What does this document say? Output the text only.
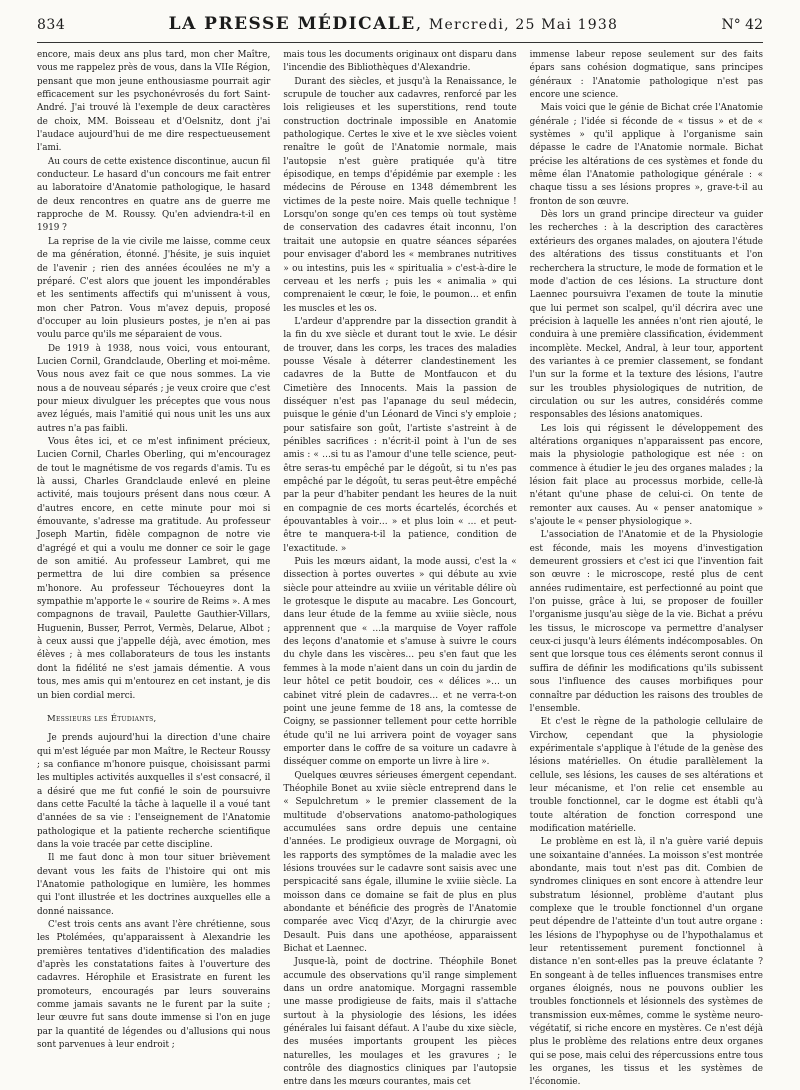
834	LA PRESSE MÉDICALE, Mercredi, 25 Mai 1938	N° 42

encore, mais deux ans plus tard, mon cher Maître, vous me rappelez près de vous, dans la VIIe Région, pensant que mon jeune enthousiasme pourrait agir efficacement sur les psychonévrosés du fort Saint-André. J'ai trouvé là l'exemple de deux caractères de choix, MM. Boisseau et d'Oelsnitz, dont j'ai l'audace aujourd'hui de me dire respectueusement l'ami.

Au cours de cette existence discontinue, aucun fil conducteur. Le hasard d'un concours me fait entrer au laboratoire d'Anatomie pathologique, le hasard de deux rencontres en quatre ans de guerre me rapproche de M. Roussy. Qu'en adviendra-t-il en 1919 ?

La reprise de la vie civile me laisse, comme ceux de ma génération, étonné. J'hésite, je suis inquiet de l'avenir ; rien des années écoulées ne m'y a préparé. C'est alors que jouent les impondérables et les sentiments affectifs qui m'unissent à vous, mon cher Patron. Vous m'avez depuis, proposé d'occuper au loin plusieurs postes, je n'en ai pas voulu parce qu'ils me séparaient de vous.

De 1919 à 1938, nous voici, vous entourant, Lucien Cornil, Grandclaude, Oberling et moi-même. Vous nous avez fait ce que nous sommes. La vie nous a de nouveau séparés ; je veux croire que c'est pour mieux divulguer les préceptes que vous nous avez légués, mais l'amitié qui nous unit les uns aux autres n'a pas faibli.

Vous êtes ici, et ce m'est infiniment précieux, Lucien Cornil, Charles Oberling, qui m'encouragez de tout le magnétisme de vos regards d'amis. Tu es là aussi, Charles Grandclaude enlevé en pleine activité, mais toujours présent dans nous cœur. A d'autres encore, en cette minute pour moi si émouvante, s'adresse ma gratitude. Au professeur Joseph Martin, fidèle compagnon de notre vie d'agrégé et qui a voulu me donner ce soir le gage de son amitié. Au professeur Lambret, qui me permettra de lui dire combien sa présence m'honore. Au professeur Téchoueyres dont la sympathie m'apporte le « sourire de Reims ». A mes compagnons de travail, Paulette Gauthier-Villars, Huguenin, Busser, Perrot, Vermès, Delarue, Albot ; à ceux aussi que j'appelle déjà, avec émotion, mes élèves ; à mes collaborateurs de tous les instants dont la fidélité ne s'est jamais démentie. A vous tous, mes amis qui m'entourez en cet instant, je dis un bien cordial merci.

Messieurs les Étudiants,

Je prends aujourd'hui la direction d'une chaire qui m'est léguée par mon Maître, le Recteur Roussy ; sa confiance m'honore puisque, choisissant parmi les multiples activités auxquelles il s'est consacré, il a désiré que me fut confié le soin de poursuivre dans cette Faculté la tâche à laquelle il a voué tant d'années de sa vie : l'enseignement de l'Anatomie pathologique et la patiente recherche scientifique dans la voie tracée par cette discipline.

Il me faut donc à mon tour situer brièvement devant vous les faits de l'histoire qui ont mis l'Anatomie pathologique en lumière, les hommes qui l'ont illustrée et les doctrines auxquelles elle a donné naissance.

C'est trois cents ans avant l'ère chrétienne, sous les Ptolémées, qu'apparaissent à Alexandrie les premières tentatives d'identification des maladies d'après les constatations faites à l'ouverture des cadavres. Hérophile et Erasistrate en furent les promoteurs, encouragés par leurs souverains comme jamais savants ne le furent par la suite ; leur œuvre fut sans doute immense si l'on en juge par la quantité de légendes ou d'allusions qui nous sont parvenues à leur endroit ;

mais tous les documents originaux ont disparu dans l'incendie des Bibliothèques d'Alexandrie.

Durant des siècles, et jusqu'à la Renaissance, le scrupule de toucher aux cadavres, renforcé par les lois religieuses et les superstitions, rend toute construction doctrinale impossible en Anatomie pathologique. Certes le xive et le xve siècles voient renaître le goût de l'Anatomie normale, mais l'autopsie n'est guère pratiquée qu'à titre épisodique, en temps d'épidémie par exemple : les médecins de Pérouse en 1348 démembrent les victimes de la peste noire. Mais quelle technique ! Lorsqu'on songe qu'en ces temps où tout système de conservation des cadavres était inconnu, l'on traitait une autopsie en quatre séances séparées pour envisager d'abord les « membranes nutritives » ou intestins, puis les « spiritualia » c'est-à-dire le cerveau et les nerfs ; puis les « animalia » qui comprenaient le cœur, le foie, le poumon… et enfin les muscles et les os.

L'ardeur d'apprendre par la dissection grandit à la fin du xve siècle et durant tout le xvie. Le désir de trouver, dans les corps, les traces des maladies pousse Vésale à déterrer clandestinement les cadavres de la Butte de Montfaucon et du Cimetière des Innocents. Mais la passion de disséquer n'est pas l'apanage du seul médecin, puisque le génie d'un Léonard de Vinci s'y emploie ; pour satisfaire son goût, l'artiste s'astreint à de pénibles sacrifices : n'écrit-il point à l'un de ses amis : « …si tu as l'amour d'une telle science, peut-être seras-tu empêché par le dégoût, si tu n'es pas empêché par le dégoût, tu seras peut-être empêché par la peur d'habiter pendant les heures de la nuit en compagnie de ces morts écartelés, écorchés et épouvantables à voir… » et plus loin « … et peut-être te manquera-t-il la patience, condition de l'exactitude. »

Puis les mœurs aidant, la mode aussi, c'est la « dissection à portes ouvertes » qui débute au xvie siècle pour atteindre au xviiie un véritable délire où le grotesque le dispute au macabre. Les Goncourt, dans leur étude de la femme au xviiie siècle, nous apprennent que « …la marquise de Voyer raffole des leçons d'anatomie et s'amuse à suivre le cours du chyle dans les viscères… peu s'en faut que les femmes à la mode n'aient dans un coin du jardin de leur hôtel ce petit boudoir, ces « délices »… un cabinet vitré plein de cadavres… et ne verra-t-on point une jeune femme de 18 ans, la comtesse de Coigny, se passionner tellement pour cette horrible étude qu'il ne lui arrivera point de voyager sans emporter dans le coffre de sa voiture un cadavre à disséquer comme on emporte un livre à lire ».

Quelques œuvres sérieuses émergent cependant. Théophile Bonet au xviie siècle entreprend dans le « Sepulchretum » le premier classement de la multitude d'observations anatomo-pathologiques accumulées sans ordre depuis une centaine d'années. Le prodigieux ouvrage de Morgagni, où les rapports des symptômes de la maladie avec les lésions trouvées sur le cadavre sont saisis avec une perspicacité sans égale, illumine le xviiie siècle. La moisson dans ce domaine se fait de plus en plus abondante et bénéficie des progrès de l'Anatomie comparée avec Vicq d'Azyr, de la chirurgie avec Desault. Puis dans une apothéose, apparaissent Bichat et Laennec.

Jusque-là, point de doctrine. Théophile Bonet accumule des observations qu'il range simplement dans un ordre anatomique. Morgagni rassemble une masse prodigieuse de faits, mais il s'attache surtout à la physiologie des lésions, les idées générales lui faisant défaut. A l'aube du xixe siècle, des musées importants groupent les pièces naturelles, les moulages et les gravures ; le contrôle des diagnostics cliniques par l'autopsie entre dans les mœurs courantes, mais cet

immense labeur repose seulement sur des faits épars sans cohésion dogmatique, sans principes généraux : l'Anatomie pathologique n'est pas encore une science.

Mais voici que le génie de Bichat crée l'Anatomie générale ; l'idée si féconde de « tissus » et de « systèmes » qu'il applique à l'organisme sain dépasse le cadre de l'Anatomie normale. Bichat précise les altérations de ces systèmes et fonde du même élan l'Anatomie pathologique générale : « chaque tissu a ses lésions propres », grave-t-il au fronton de son œuvre.

Dès lors un grand principe directeur va guider les recherches : à la description des caractères extérieurs des organes malades, on ajoutera l'étude des altérations des tissus constituants et l'on recherchera la structure, le mode de formation et le mode d'action de ces lésions. La structure dont Laennec poursuivra l'examen de toute la minutie que lui permet son scalpel, qu'il décrira avec une précision à laquelle les années n'ont rien ajouté, le conduira à une première classification, évidemment incomplète. Meckel, Andral, à leur tour, apportent des variantes à ce premier classement, se fondant l'un sur la forme et la texture des lésions, l'autre sur les troubles physiologiques de nutrition, de circulation ou sur les autres, considérés comme responsables des lésions anatomiques.

Les lois qui régissent le développement des altérations organiques n'apparaissent pas encore, mais la physiologie pathologique est née : on commence à étudier le jeu des organes malades ; la lésion fait place au processus morbide, celle-là n'étant qu'une phase de celui-ci. On tente de remonter aux causes. Au « penser anatomique » s'ajoute le « penser physiologique ».

L'association de l'Anatomie et de la Physiologie est féconde, mais les moyens d'investigation demeurent grossiers et c'est ici que l'invention fait son œuvre : le microscope, resté plus de cent années rudimentaire, est perfectionné au point que l'on puisse, grâce à lui, se proposer de fouiller l'organisme jusqu'au siège de la vie. Bichat a prévu les tissus, le microscope va permettre d'analyser ceux-ci jusqu'à leurs éléments indécomposables. On sent que lorsque tous ces éléments seront connus il suffira de définir les modifications qu'ils subissent sous l'influence des causes morbifiques pour connaître par déduction les raisons des troubles de l'ensemble.

Et c'est le règne de la pathologie cellulaire de Virchow, cependant que la physiologie expérimentale s'applique à l'étude de la genèse des lésions matérielles. On étudie parallèlement la cellule, ses lésions, les causes de ses altérations et leur mécanisme, et l'on relie cet ensemble au trouble fonctionnel, car le dogme est établi qu'à toute altération de fonction correspond une modification matérielle.

Le problème en est là, il n'a guère varié depuis une soixantaine d'années. La moisson s'est montrée abondante, mais tout n'est pas dit. Combien de syndromes cliniques en sont encore à attendre leur substratum lésionnel, problème d'autant plus complexe que le trouble fonctionnel d'un organe peut dépendre de l'atteinte d'un tout autre organe : les lésions de l'hypophyse ou de l'hypothalamus et leur retentissement purement fonctionnel à distance n'en sont-elles pas la preuve éclatante ? En songeant à de telles influences transmises entre organes éloignés, nous ne pouvons oublier les troubles fonctionnels et lésionnels des systèmes de transmission eux-mêmes, comme le système neuro-végétatif, si riche encore en mystères. Ce n'est déjà plus le problème des relations entre deux organes qui se pose, mais celui des répercussions entre tous les organes, les tissus et les systèmes de l'économie.
